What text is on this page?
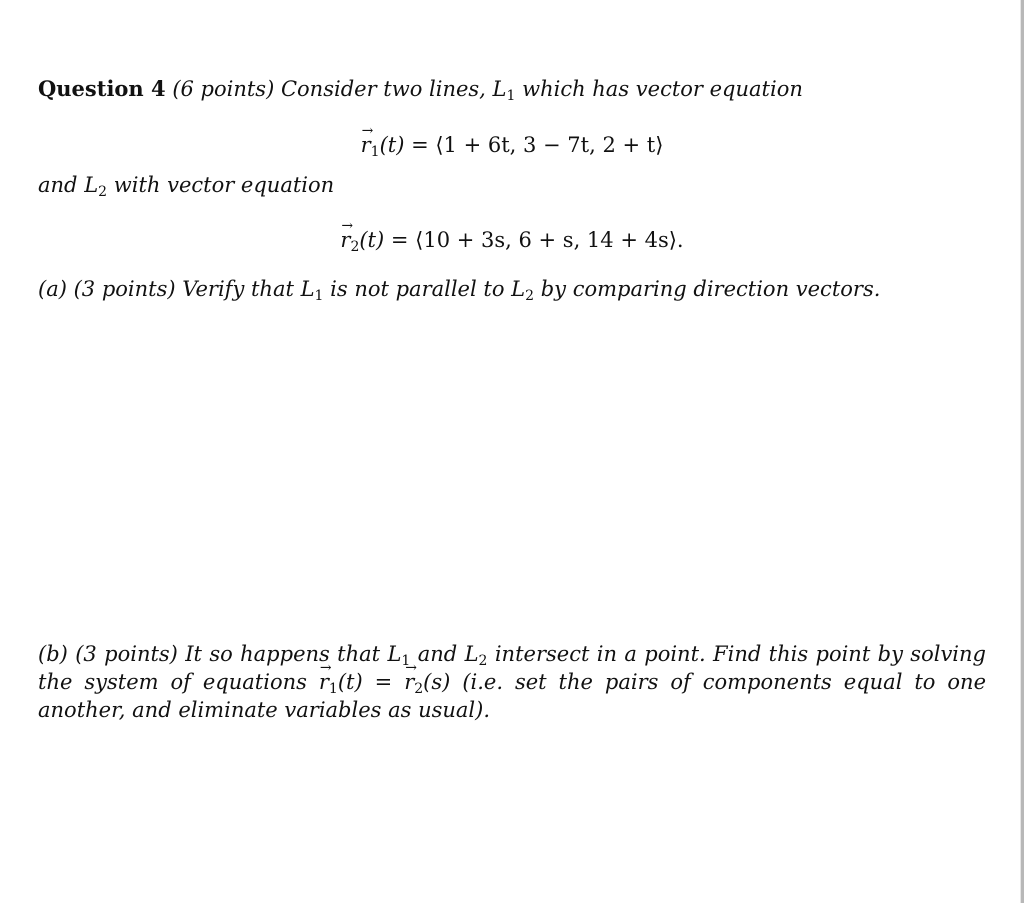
Question 4 (6 points) Consider two lines, $L_1$ which has vector equation
→ $r_1(t)$ = ⟨1 + 6t, 3 − 7t, 2 + t⟩
and $L_2$ with vector equation
→ $r_2(t)$ = ⟨10 + 3s, 6 + s, 14 + 4s⟩.
(a) (3 points) Verify that $L_1$ is not parallel to $L_2$ by comparing direction vectors.
(b) (3 points) It so happens that $L_1$ and $L_2$ intersect in a point. Find this point by solving the system of equations → $r_1(t)$ = → $r_2(s)$ (i.e. set the pairs of components equal to one another, and eliminate variables as usual).
